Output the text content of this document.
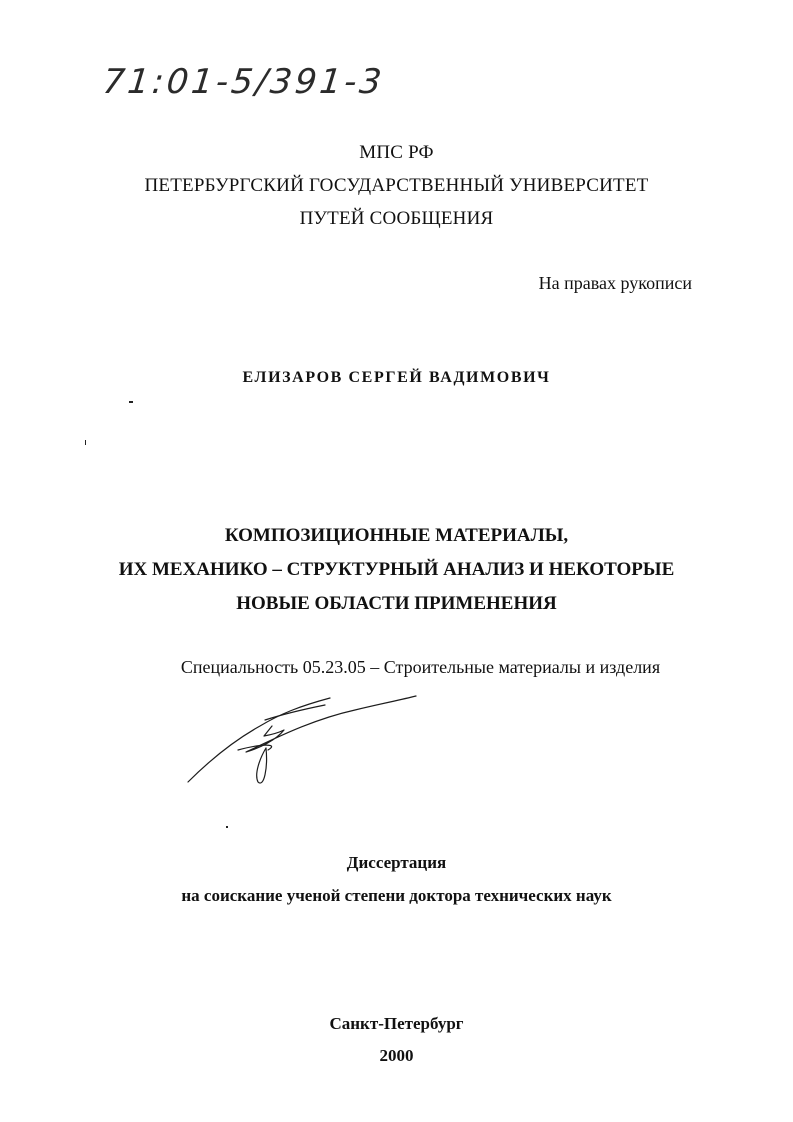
71:01-5/391-3
МПС РФ
ПЕТЕРБУРГСКИЙ ГОСУДАРСТВЕННЫЙ УНИВЕРСИТЕТ
ПУТЕЙ СООБЩЕНИЯ
На правах рукописи
ЕЛИЗАРОВ СЕРГЕЙ ВАДИМОВИЧ
КОМПОЗИЦИОННЫЕ МАТЕРИАЛЫ,
ИХ МЕХАНИКО – СТРУКТУРНЫЙ АНАЛИЗ И НЕКОТОРЫЕ
НОВЫЕ ОБЛАСТИ ПРИМЕНЕНИЯ
Специальность 05.23.05 – Строительные материалы и изделия
Диссертация
на соискание ученой степени доктора технических наук
Санкт-Петербург
2000
